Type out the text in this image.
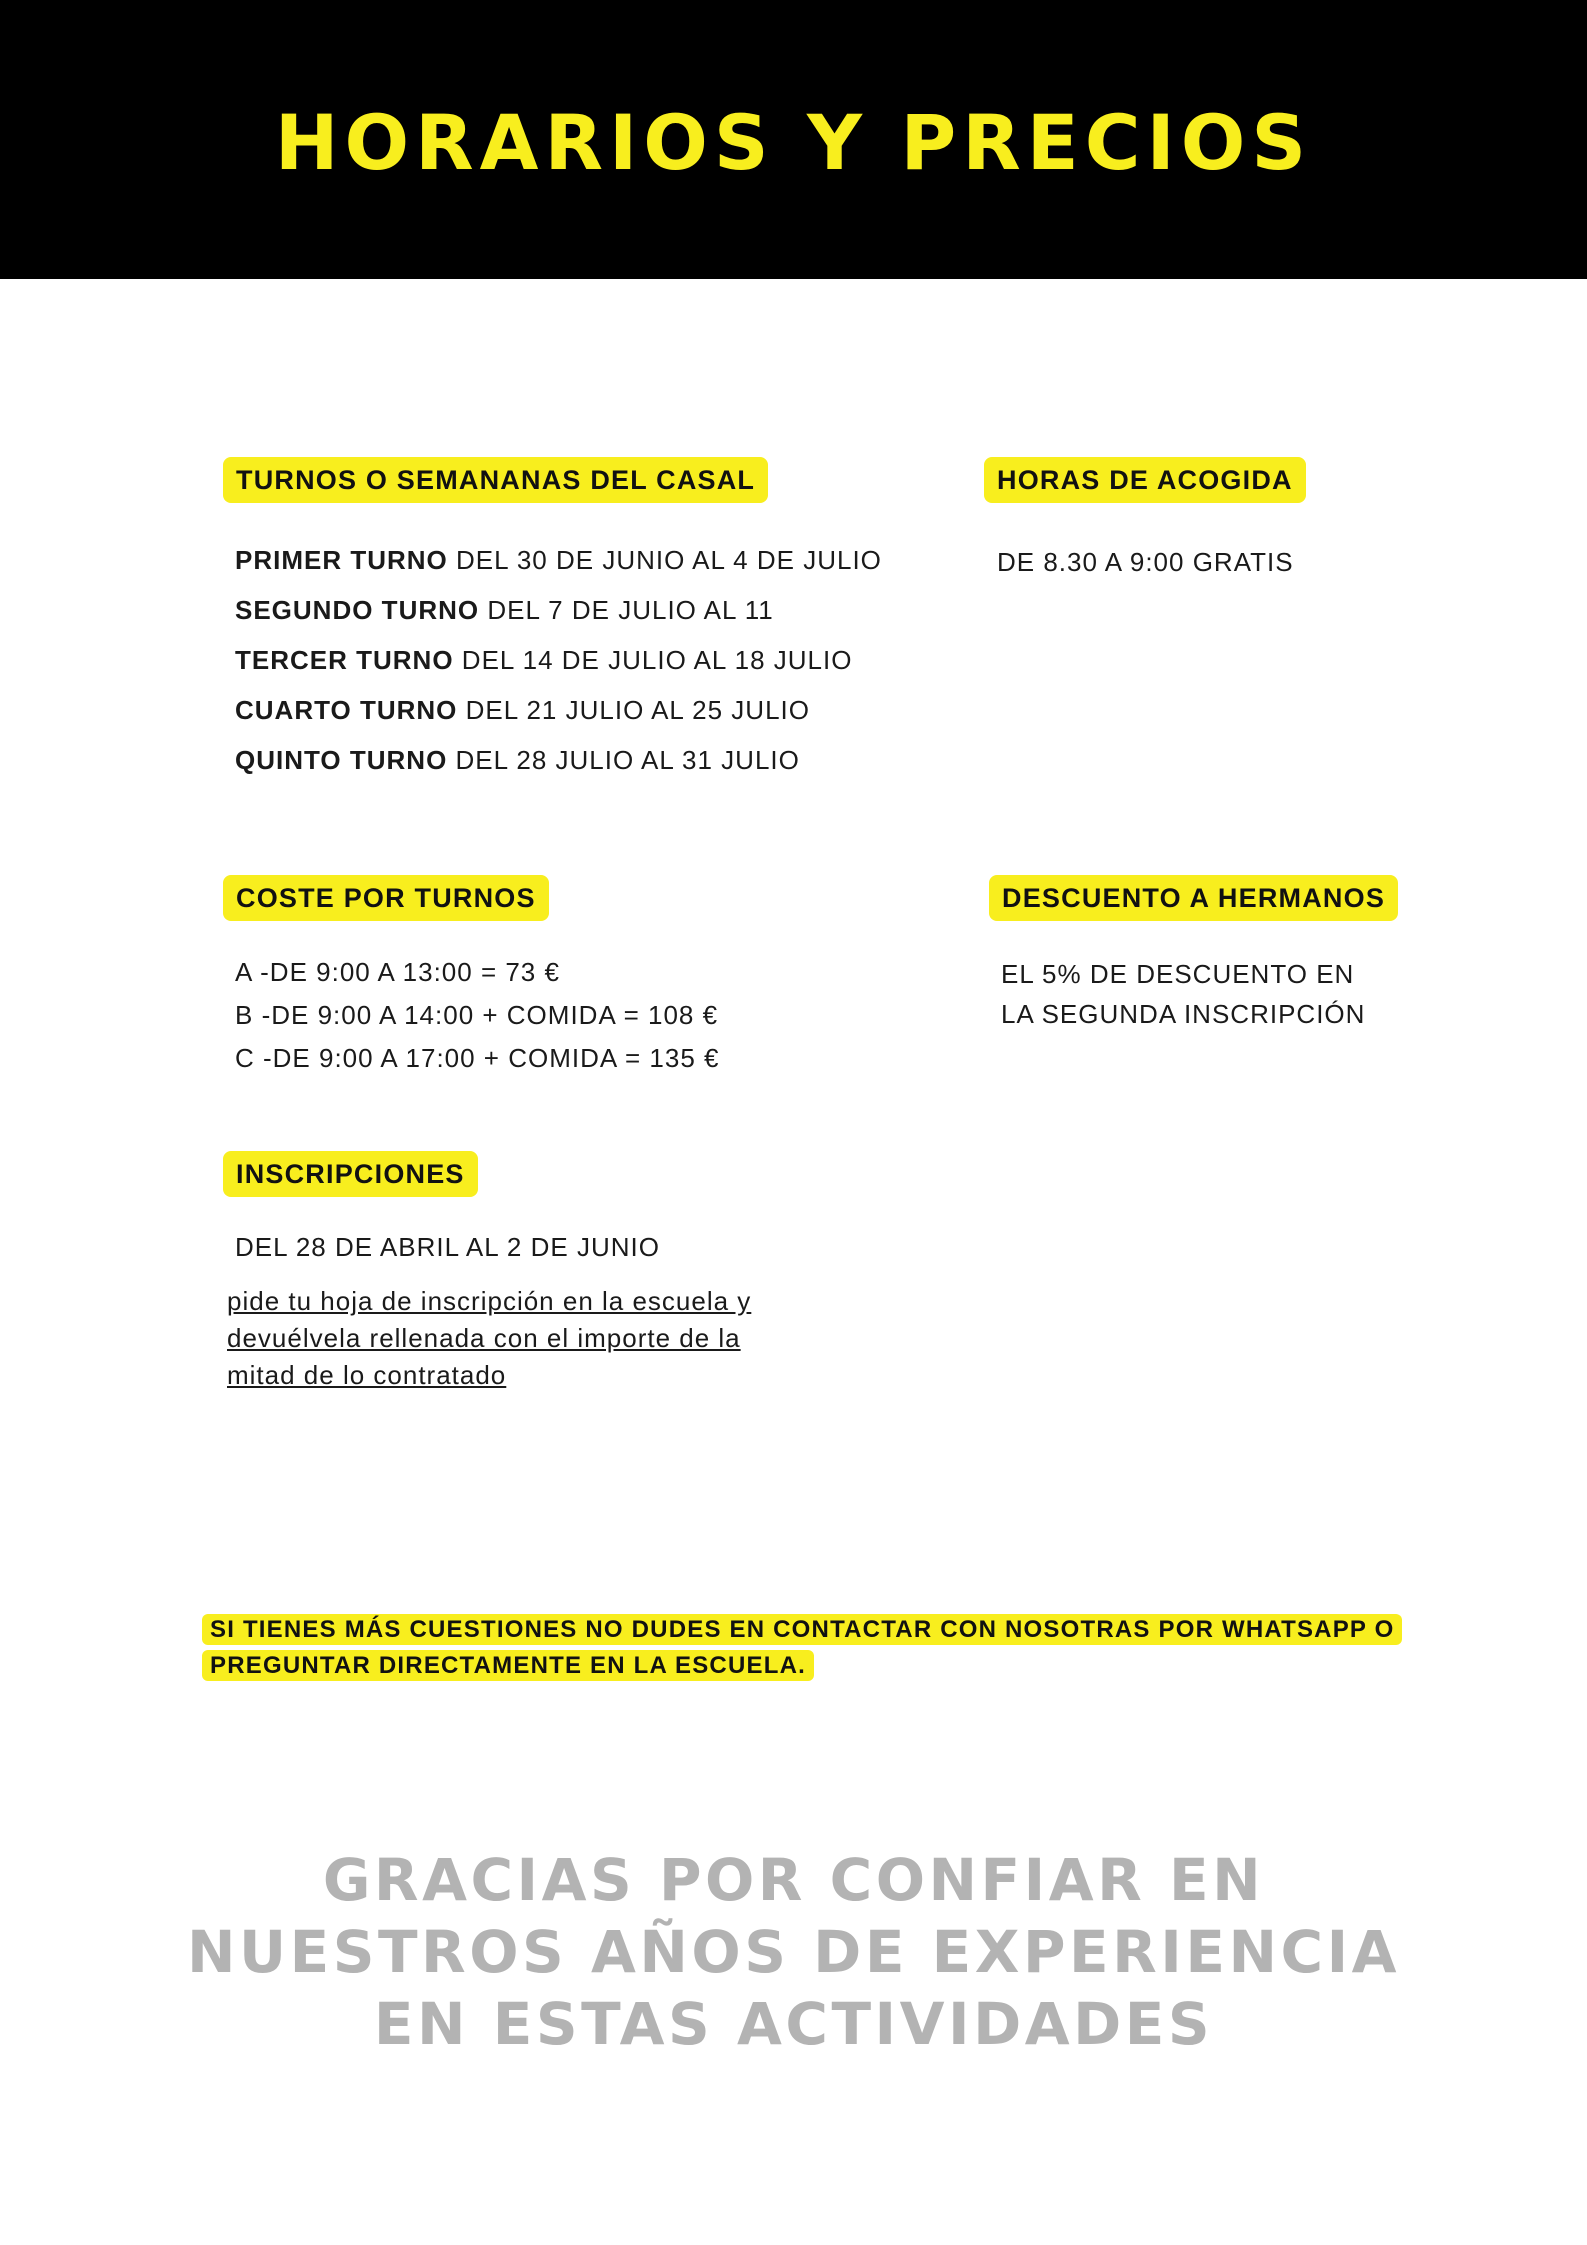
HORARIOS Y PRECIOS
TURNOS O SEMANANAS DEL CASAL
PRIMER TURNO DEL 30 DE JUNIO AL 4 DE JULIO
SEGUNDO TURNO DEL 7 DE JULIO AL 11
TERCER TURNO DEL 14 DE JULIO AL 18 JULIO
CUARTO TURNO DEL 21 JULIO AL 25 JULIO
QUINTO TURNO DEL 28 JULIO AL 31 JULIO
HORAS DE ACOGIDA
DE 8.30 A 9:00 GRATIS
COSTE POR TURNOS
A -DE 9:00 A 13:00 = 73 €
B -DE 9:00 A 14:00 + COMIDA = 108 €
C -DE 9:00 A 17:00 + COMIDA = 135 €
DESCUENTO A HERMANOS
EL 5% DE DESCUENTO EN
LA SEGUNDA INSCRIPCIÓN
INSCRIPCIONES
DEL 28 DE ABRIL AL 2 DE JUNIO
pide tu hoja de inscripción en la escuela y
devuélvela rellenada con el importe de la
mitad de lo contratado
SI TIENES MÁS CUESTIONES NO DUDES EN CONTACTAR CON NOSOTRAS POR WHATSAPP O PREGUNTAR DIRECTAMENTE EN LA ESCUELA.
GRACIAS POR CONFIAR EN
NUESTROS AÑOS DE EXPERIENCIA
EN ESTAS ACTIVIDADES
